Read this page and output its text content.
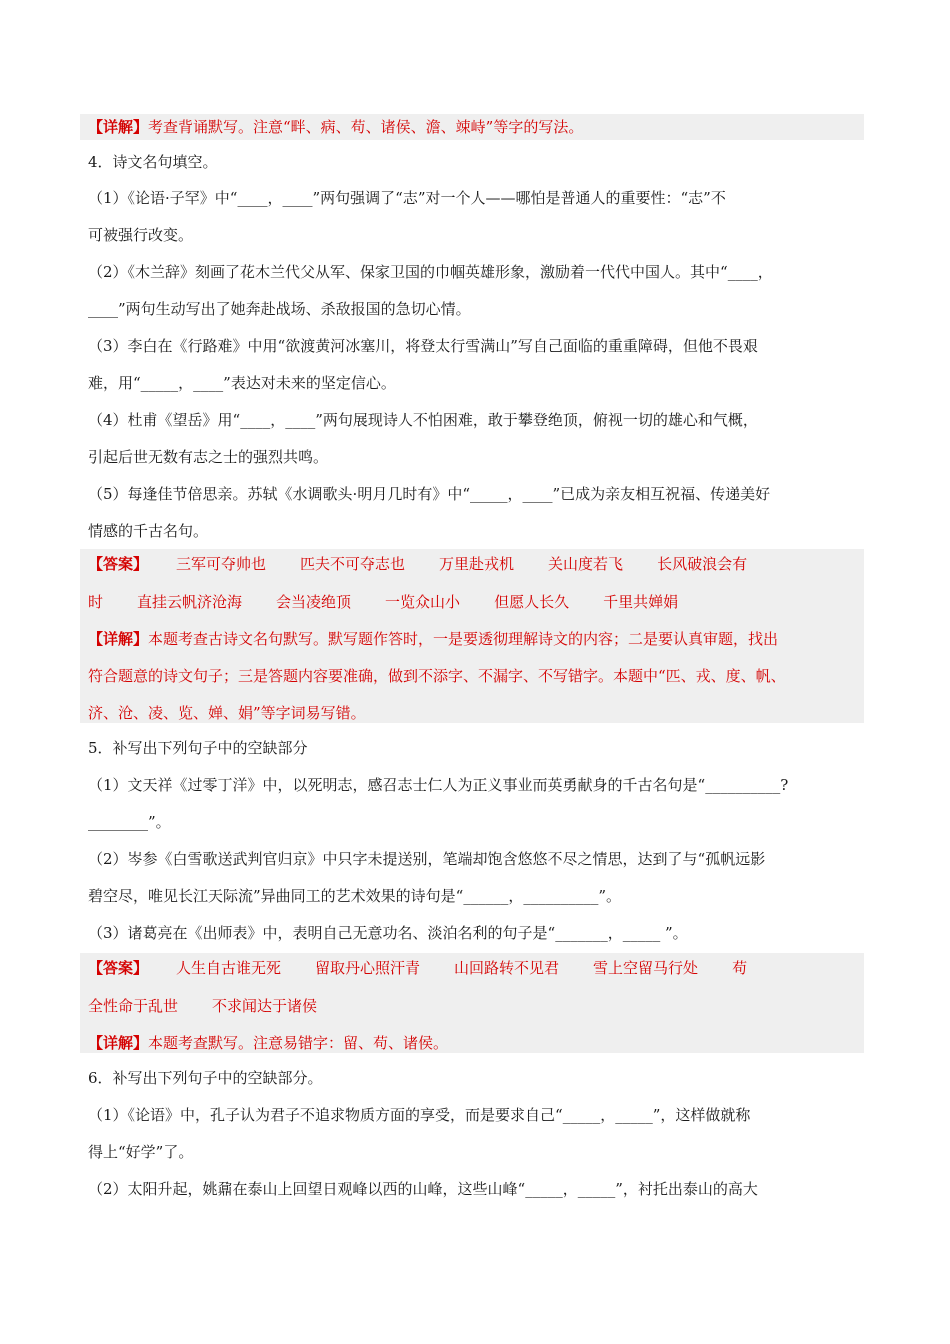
【详解】考查背诵默写。注意“畔、病、苟、诸侯、澹、竦峙”等字的写法。
4．诗文名句填空。
（1）《论语·子罕》中“____，____”两句强调了“志”对一个人——哪怕是普通人的重要性：“志”不
可被强行改变。
（2）《木兰辞》刻画了花木兰代父从军、保家卫国的巾帼英雄形象，激励着一代代中国人。其中“____，
____”两句生动写出了她奔赴战场、杀敌报国的急切心情。
（3）李白在《行路难》中用“欲渡黄河冰塞川，将登太行雪满山”写自己面临的重重障碍，但他不畏艰
难，用“_____，____”表达对未来的坚定信心。
（4）杜甫《望岳》用“____，____”两句展现诗人不怕困难，敢于攀登绝顶，俯视一切的雄心和气概，
引起后世无数有志之士的强烈共鸣。
（5）每逢佳节倍思亲。苏轼《水调歌头·明月几时有》中“_____，____”已成为亲友相互祝福、传递美好
情感的千古名句。
【答案】 三军可夺帅也 匹夫不可夺志也 万里赴戎机 关山度若飞 长风破浪会有
时 直挂云帆济沧海 会当凌绝顶 一览众山小 但愿人长久 千里共婵娟
【详解】本题考查古诗文名句默写。默写题作答时，一是要透彻理解诗文的内容；二是要认真审题，找出
符合题意的诗文句子；三是答题内容要准确，做到不添字、不漏字、不写错字。本题中“匹、戎、度、帆、
济、沧、凌、览、婵、娟”等字词易写错。
5．补写出下列句子中的空缺部分
（1）文天祥《过零丁洋》中，以死明志，感召志士仁人为正义事业而英勇献身的千古名句是“__________?
________”。
（2）岑参《白雪歌送武判官归京》中只字未提送别，笔端却饱含悠悠不尽之情思，达到了与“孤帆远影
碧空尽，唯见长江天际流”异曲同工的艺术效果的诗句是“______，__________”。
（3）诸葛亮在《出师表》中，表明自己无意功名、淡泊名利的句子是“_______，_____ ”。
【答案】 人生自古谁无死 留取丹心照汗青 山回路转不见君 雪上空留马行处 苟
全性命于乱世 不求闻达于诸侯
【详解】本题考查默写。注意易错字：留、苟、诸侯。
6．补写出下列句子中的空缺部分。
（1）《论语》中，孔子认为君子不追求物质方面的享受，而是要求自己“_____，_____”，这样做就称
得上“好学”了。
（2）太阳升起，姚鼐在泰山上回望日观峰以西的山峰，这些山峰“_____，_____”，衬托出泰山的高大
